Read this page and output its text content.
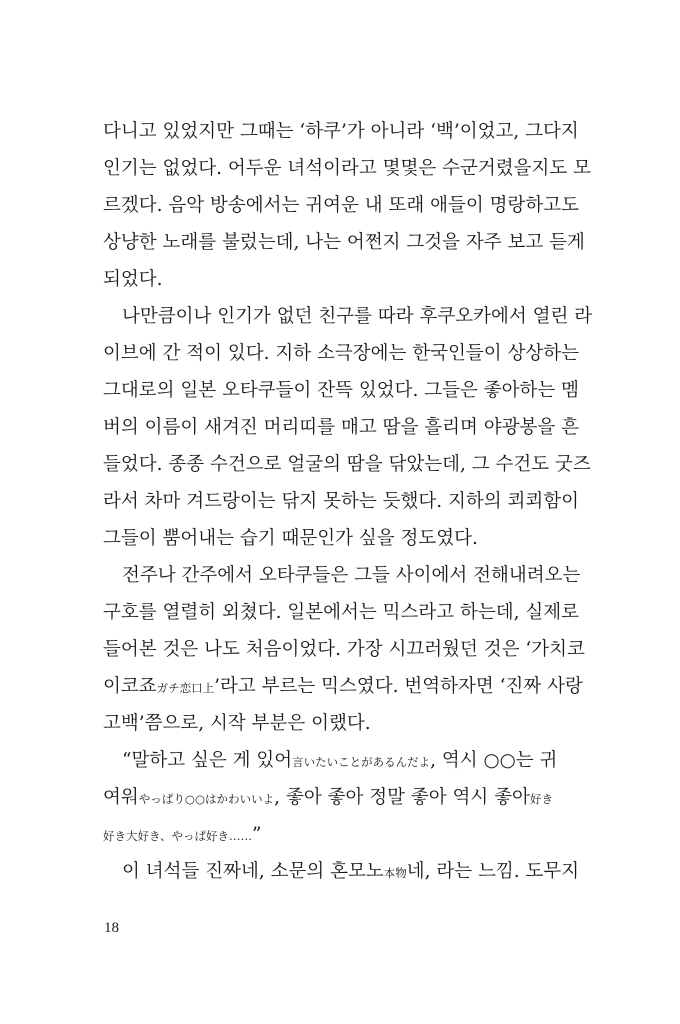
다니고 있었지만 그때는 ‘하쿠’가 아니라 ‘백’이었고, 그다지
인기는 없었다. 어두운 녀석이라고 몇몇은 수군거렸을지도 모
르겠다. 음악 방송에서는 귀여운 내 또래 애들이 명랑하고도
상냥한 노래를 불렀는데, 나는 어쩐지 그것을 자주 보고 듣게
되었다.
나만큼이나 인기가 없던 친구를 따라 후쿠오카에서 열린 라
이브에 간 적이 있다. 지하 소극장에는 한국인들이 상상하는
그대로의 일본 오타쿠들이 잔뜩 있었다. 그들은 좋아하는 멤
버의 이름이 새겨진 머리띠를 매고 땀을 흘리며 야광봉을 흔
들었다. 종종 수건으로 얼굴의 땀을 닦았는데, 그 수건도 굿즈
라서 차마 겨드랑이는 닦지 못하는 듯했다. 지하의 쾨쾨함이
그들이 뿜어내는 습기 때문인가 싶을 정도였다.
전주나 간주에서 오타쿠들은 그들 사이에서 전해내려오는
구호를 열렬히 외쳤다. 일본에서는 믹스라고 하는데, 실제로
들어본 것은 나도 처음이었다. 가장 시끄러웠던 것은 ‘가치코
이코죠ガチ恋口上’라고 부르는 믹스였다. 번역하자면 ‘진짜 사랑
고백’쯤으로, 시작 부분은 이랬다.
“말하고 싶은 게 있어言いたいことがあるんだよ, 역시 ○○는 귀
여워やっぱり○○はかわいいよ, 좋아 좋아 정말 좋아 역시 좋아好き
好き大好き、やっぱ好き……”
이 녀석들 진짜네, 소문의 혼모노本物네, 라는 느낌. 도무지
18
